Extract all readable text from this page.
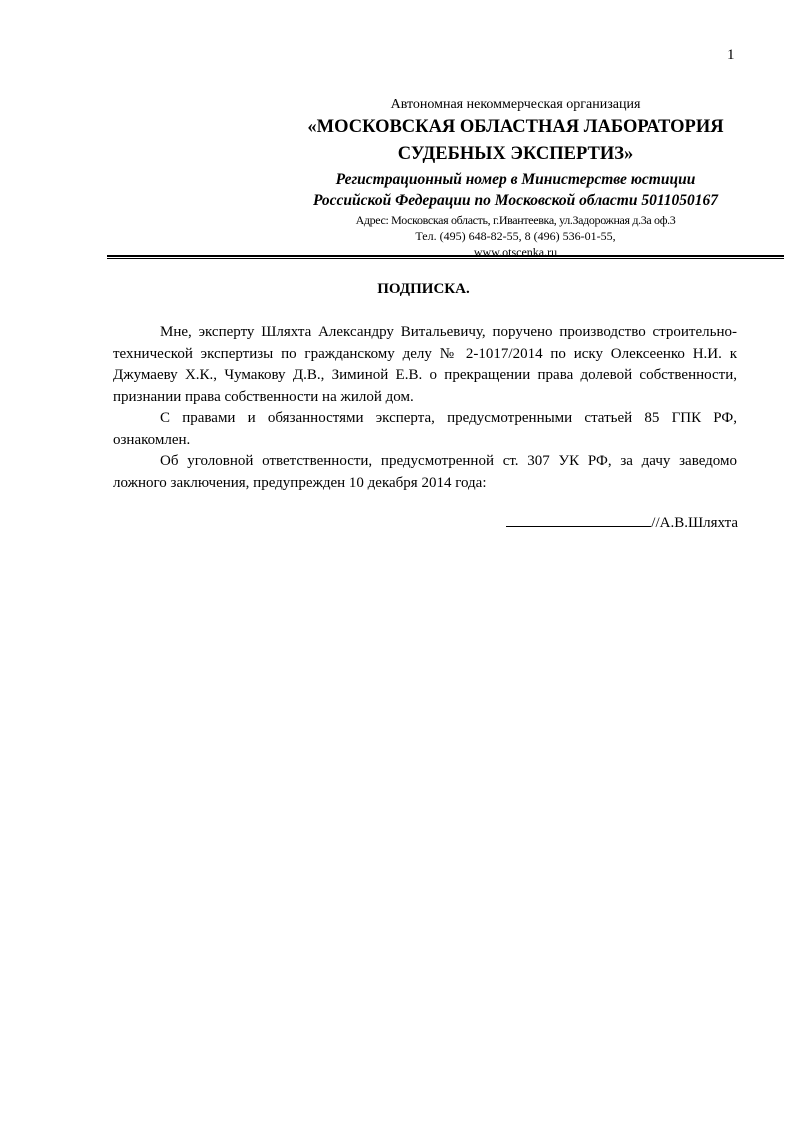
1
Автономная некоммерческая организация
«МОСКОВСКАЯ ОБЛАСТНАЯ ЛАБОРАТОРИЯ
СУДЕБНЫХ ЭКСПЕРТИЗ»
Регистрационный номер в Министерстве юстиции
Российской Федерации по Московской области 5011050167
Адрес: Московская область, г.Ивантеевка, ул.Задорожная д.3а оф.3
Тел. (495) 648-82-55, 8 (496) 536-01-55,
www.otscenka.ru
ПОДПИСКА.

Мне, эксперту Шляхта Александру Витальевичу, поручено производство строительно-технической экспертизы по гражданскому делу № 2-1017/2014 по иску Олексеенко Н.И. к Джумаеву Х.К., Чумакову Д.В., Зиминой Е.В. о прекращении права долевой собственности, признании права собственности на жилой дом.

С правами и обязанностями эксперта, предусмотренными статьей 85 ГПК РФ, ознакомлен.

Об уголовной ответственности, предусмотренной ст. 307 УК РФ, за дачу заведомо ложного заключения, предупрежден 10 декабря 2014 года:

//А.В.Шляхта
